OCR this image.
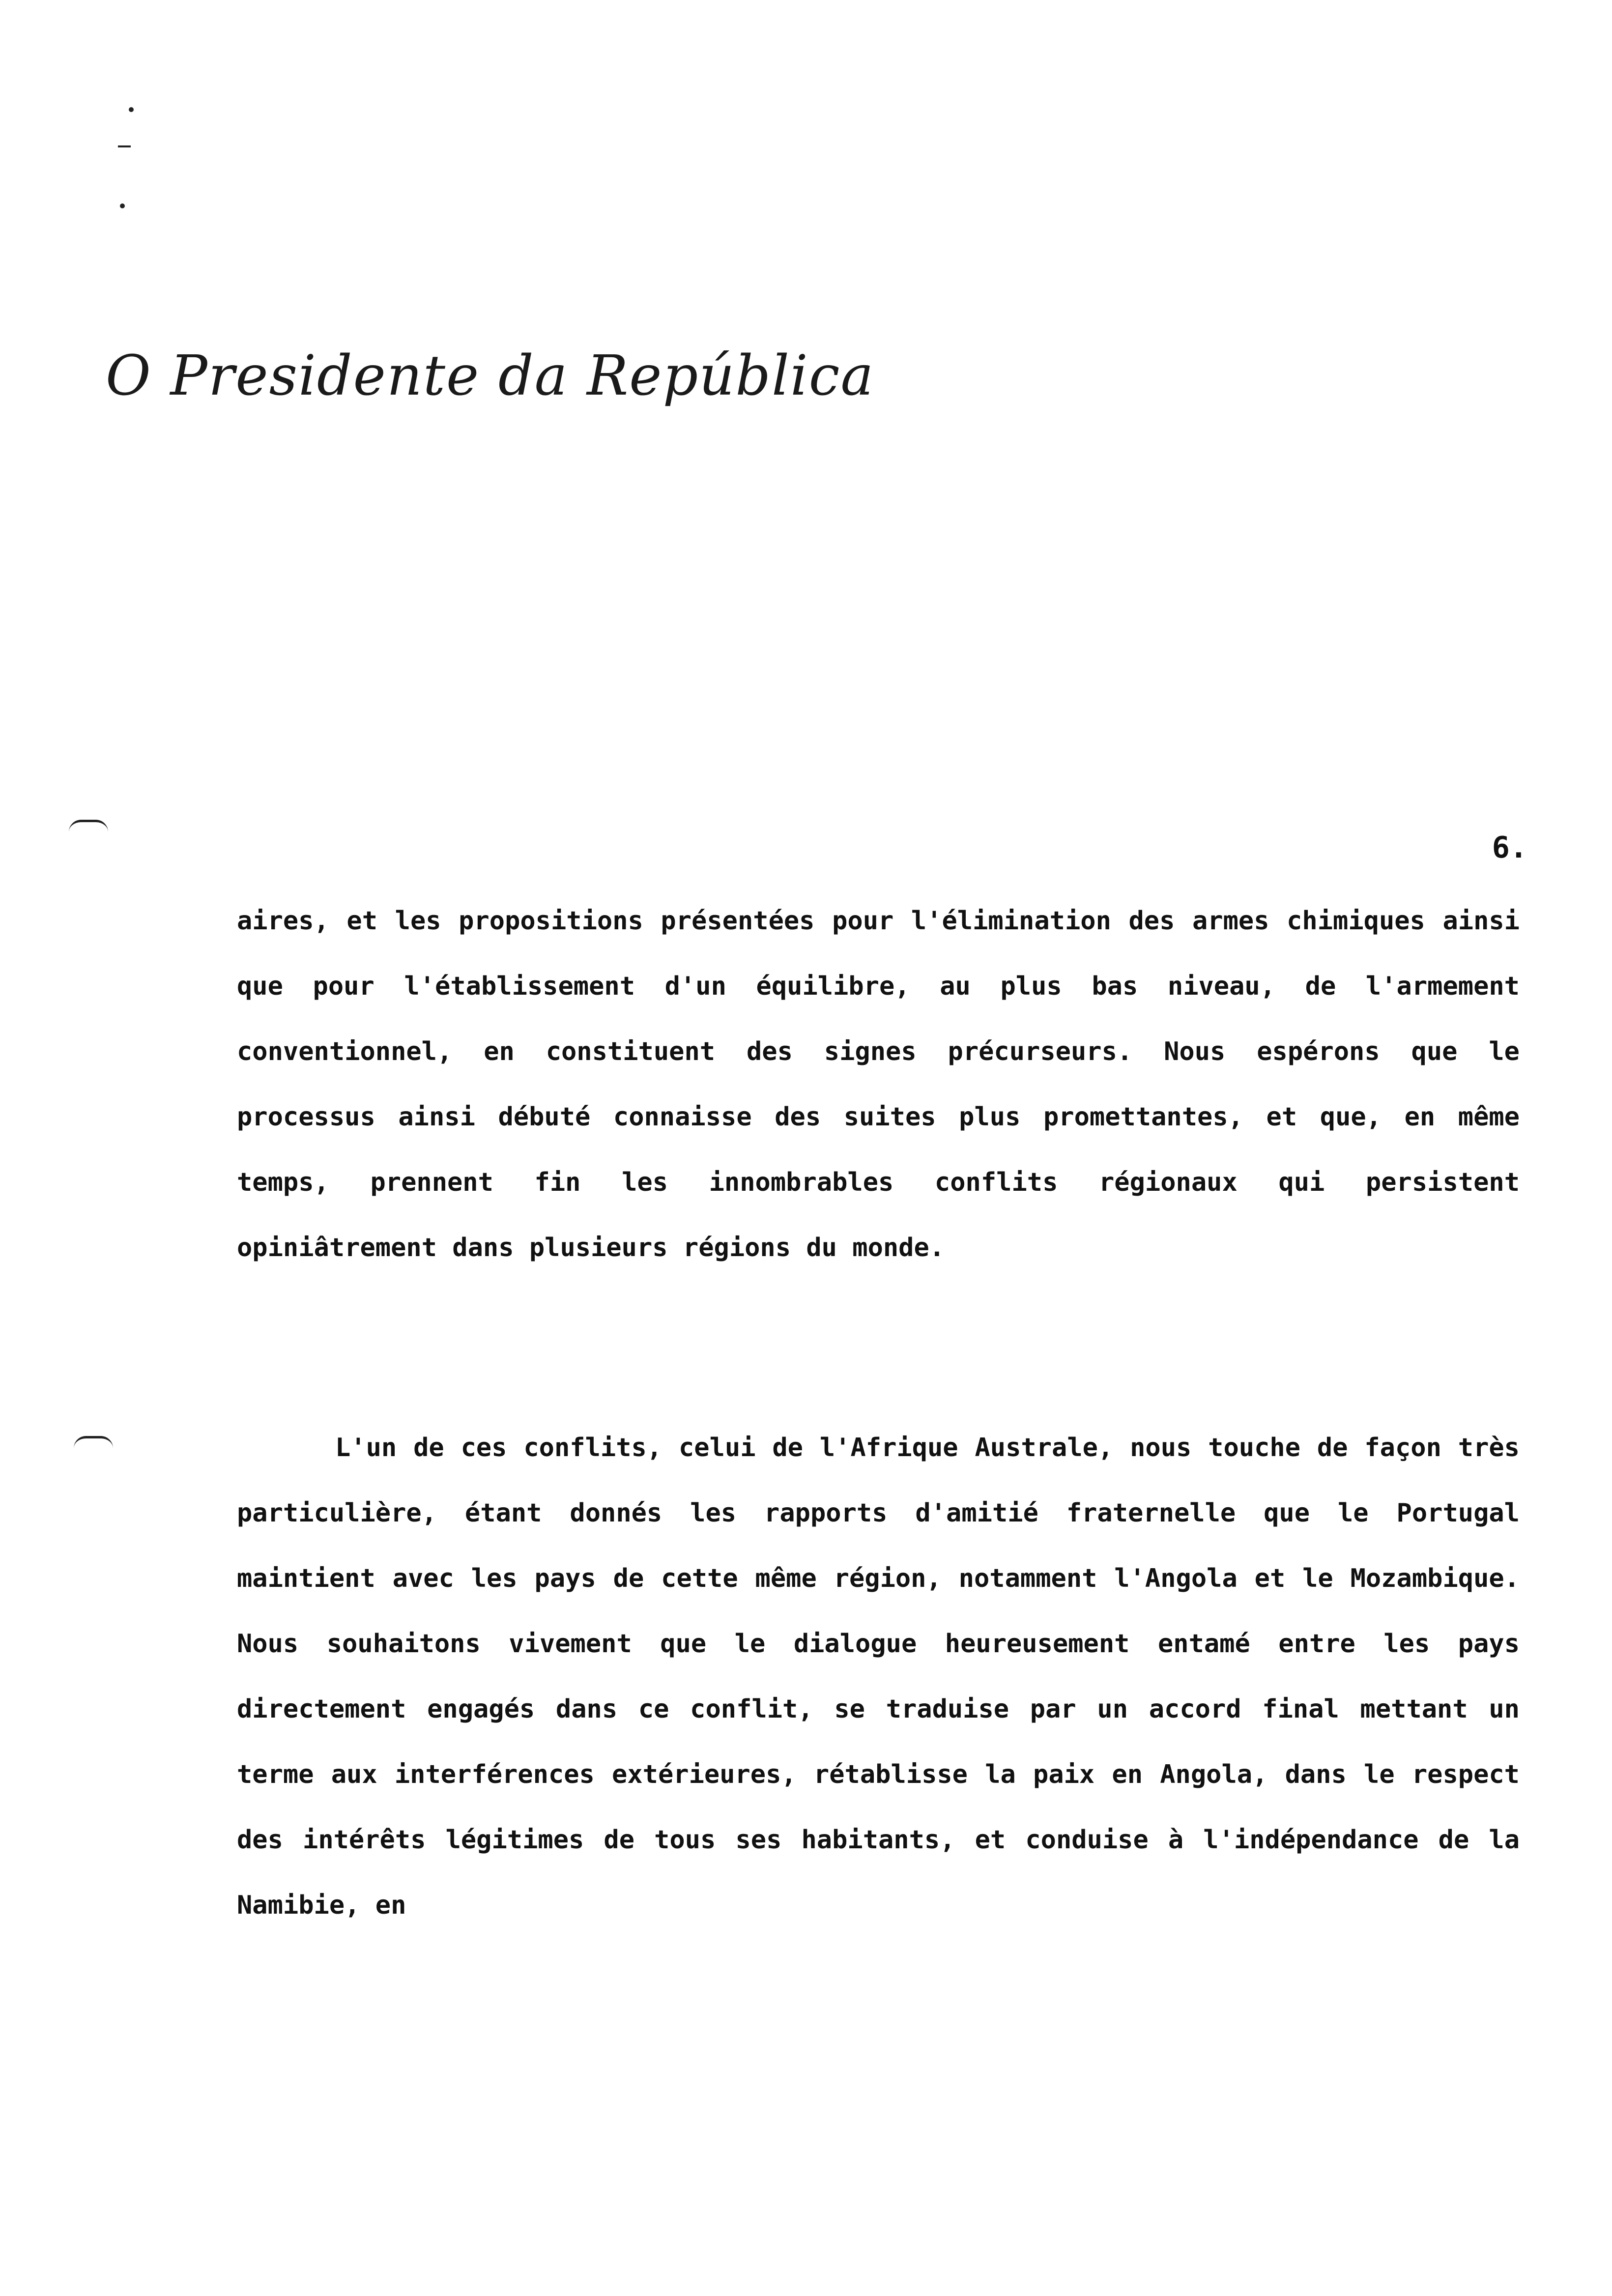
O Presidente da República
6.

aires, et les propositions présentées pour l'élimination des armes chimiques ainsi que pour l'établissement d'un équilibre, au plus bas niveau, de l'armement conventionnel, en constituent des signes précurseurs. Nous espérons que le processus ainsi débuté connaisse des suites plus promettantes, et que, en même temps, prennent fin les innombrables conflits régionaux qui persistent opiniâtrement dans plusieurs régions du monde.

L'un de ces conflits, celui de l'Afrique Australe, nous touche de façon très particulière, étant donnés les rapports d'amitié fraternelle que le Portugal maintient avec les pays de cette même région, notamment l'Angola et le Mozambique. Nous souhaitons vivement que le dialogue heureusement entamé entre les pays directement engagés dans ce conflit, se traduise par un accord final mettant un terme aux interférences extérieures, rétablisse la paix en Angola, dans le respect des intérêts légitimes de tous ses habitants, et conduise à l'indépendance de la Namibie, en
